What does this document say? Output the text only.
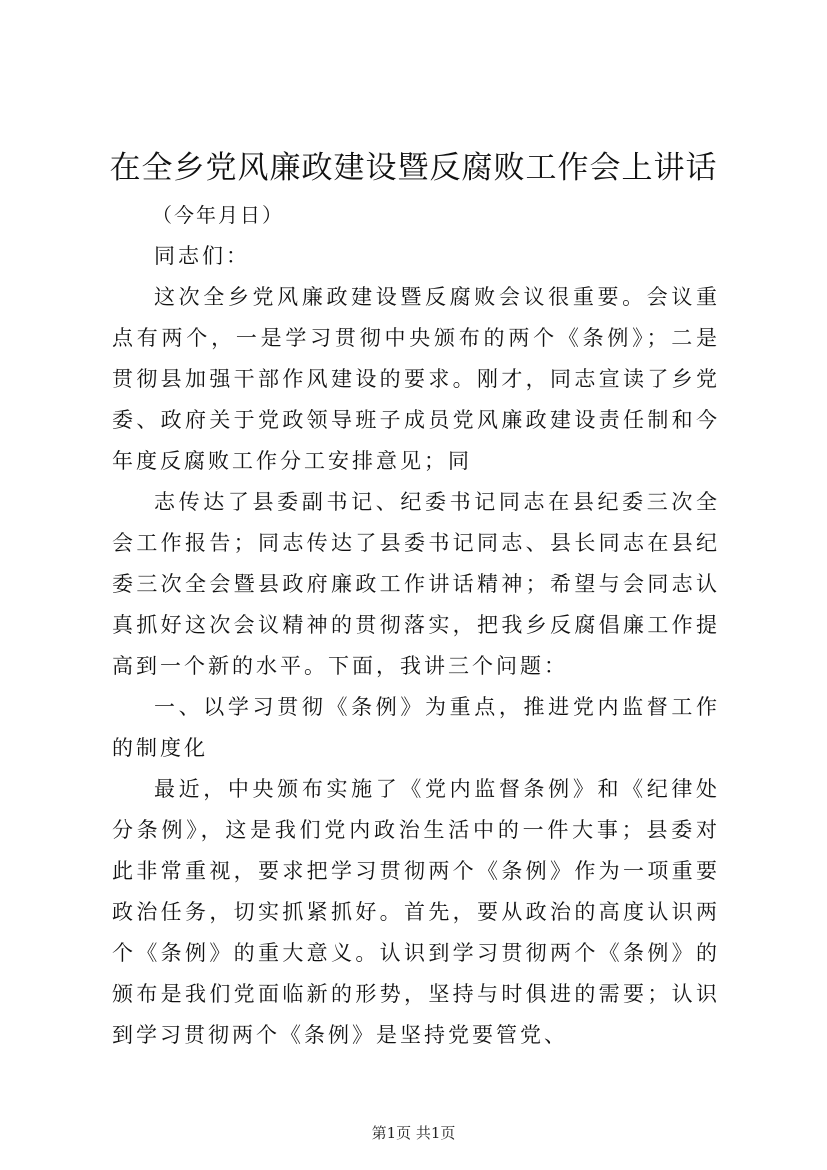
在全乡党风廉政建设暨反腐败工作会上讲话
（今年月日）

同志们：

这次全乡党风廉政建设暨反腐败会议很重要。会议重点有两个，一是学习贯彻中央颁布的两个《条例》；二是贯彻县加强干部作风建设的要求。刚才，同志宣读了乡党委、政府关于党政领导班子成员党风廉政建设责任制和今年度反腐败工作分工安排意见；同

志传达了县委副书记、纪委书记同志在县纪委三次全会工作报告；同志传达了县委书记同志、县长同志在县纪委三次全会暨县政府廉政工作讲话精神；希望与会同志认真抓好这次会议精神的贯彻落实，把我乡反腐倡廉工作提高到一个新的水平。下面，我讲三个问题：

一、以学习贯彻《条例》为重点，推进党内监督工作的制度化

最近，中央颁布实施了《党内监督条例》和《纪律处分条例》，这是我们党内政治生活中的一件大事；县委对此非常重视，要求把学习贯彻两个《条例》作为一项重要政治任务，切实抓紧抓好。首先，要从政治的高度认识两个《条例》的重大意义。认识到学习贯彻两个《条例》的颁布是我们党面临新的形势，坚持与时俱进的需要；认识到学习贯彻两个《条例》是坚持党要管党、

第1页 共1页
